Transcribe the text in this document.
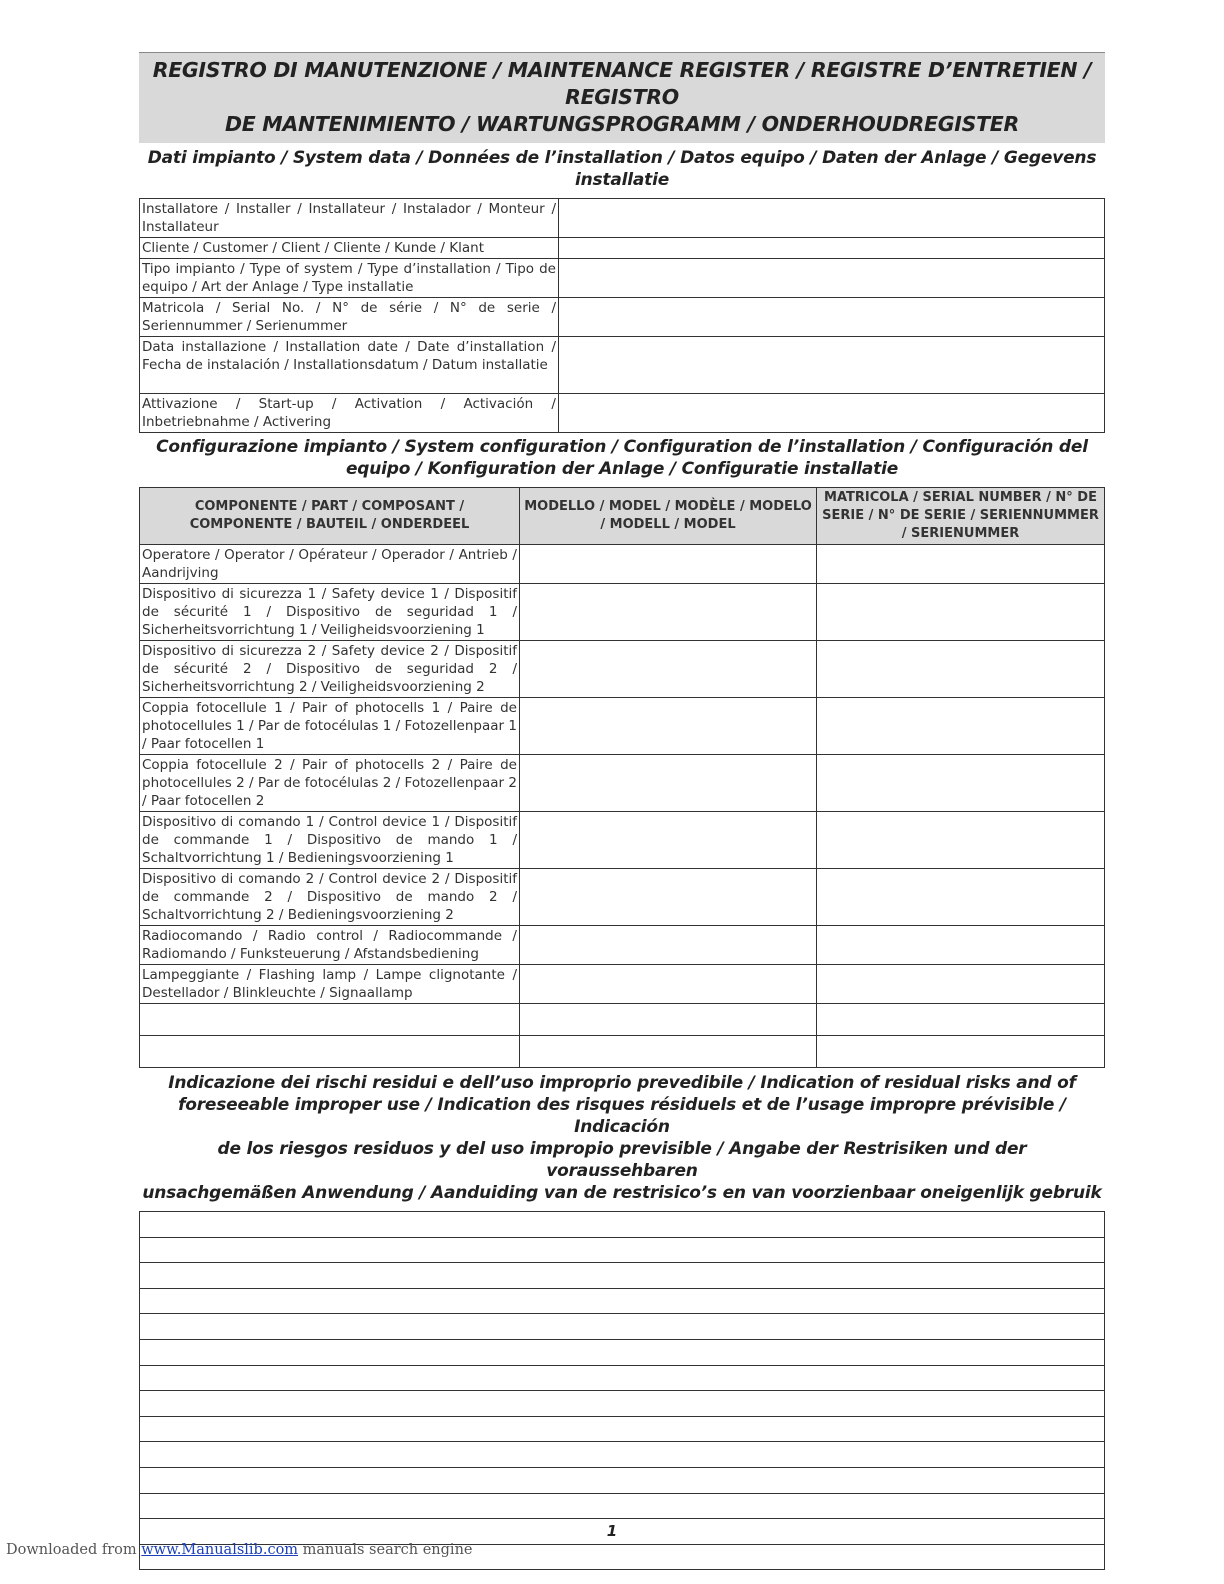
REGISTRO DI MANUTENZIONE / MAINTENANCE REGISTER / REGISTRE D’ENTRETIEN / REGISTRO
DE MANTENIMIENTO / WARTUNGSPROGRAMM / ONDERHOUDREGISTER
Dati impianto / System data / Données de l’installation / Datos equipo / Daten der Anlage / Gegevens
installatie
Installatore / Installer / Installateur / Instalador / Monteur / Installateur	
Cliente / Customer / Client / Cliente / Kunde / Klant	
Tipo impianto / Type of system / Type d’installation / Tipo de equipo / Art der Anlage / Type installatie	
Matricola / Serial No. / N° de série / N° de serie / Seriennummer / Serienummer	
Data installazione / Installation date / Date d’installation / Fecha de instalación / Installationsdatum / Datum installatie	
Attivazione / Start-up / Activation / Activación / Inbetriebnahme / Activering	
Configurazione impianto / System configuration / Configuration de l’installation / Configuración del
equipo / Konfiguration der Anlage / Configuratie installatie
COMPONENTE / PART / COMPOSANT / COMPONENTE / BAUTEIL / ONDERDEEL	MODELLO / MODEL / MODÈLE / MODELO / MODELL / MODEL	MATRICOLA / SERIAL NUMBER / N° DE SERIE / N° DE SERIE / SERIENNUMMER / SERIENUMMER
Operatore / Operator / Opérateur / Operador / Antrieb / Aandrijving		
Dispositivo di sicurezza 1 / Safety device 1 / Dispositif de sécurité 1 / Dispositivo de seguridad 1 / Sicherheitsvorrichtung 1 / Veiligheidsvoorziening 1		
Dispositivo di sicurezza 2 / Safety device 2 / Dispositif de sécurité 2 / Dispositivo de seguridad 2 / Sicherheitsvorrichtung 2 / Veiligheidsvoorziening 2		
Coppia fotocellule 1 / Pair of photocells 1 / Paire de photocellules 1 / Par de fotocélulas 1 / Fotozellenpaar 1 / Paar fotocellen 1		
Coppia fotocellule 2 / Pair of photocells 2 / Paire de photocellules 2 / Par de fotocélulas 2 / Fotozellenpaar 2 / Paar fotocellen 2		
Dispositivo di comando 1 / Control device 1 / Dispositif de commande 1 / Dispositivo de mando 1 / Schaltvorrichtung 1 / Bedieningsvoorziening 1		
Dispositivo di comando 2 / Control device 2 / Dispositif de commande 2 / Dispositivo de mando 2 / Schaltvorrichtung 2 / Bedieningsvoorziening 2		
Radiocomando / Radio control / Radiocommande / Radiomando / Funksteuerung / Afstandsbediening		
Lampeggiante / Flashing lamp / Lampe clignotante / Destellador / Blinkleuchte / Signaallamp		

Indicazione dei rischi residui e dell’uso improprio prevedibile / Indication of residual risks and of
foreseeable improper use / Indication des risques résiduels et de l’usage impropre prévisible / Indicación
de los riesgos residuos y del uso impropio previsible / Angabe der Restrisiken und der voraussehbaren
unsachgemäßen Anwendung / Aanduiding van de restrisico’s en van voorzienbaar oneigenlijk gebruik

1
Downloaded from www.Manualslib.com manuals search engine
